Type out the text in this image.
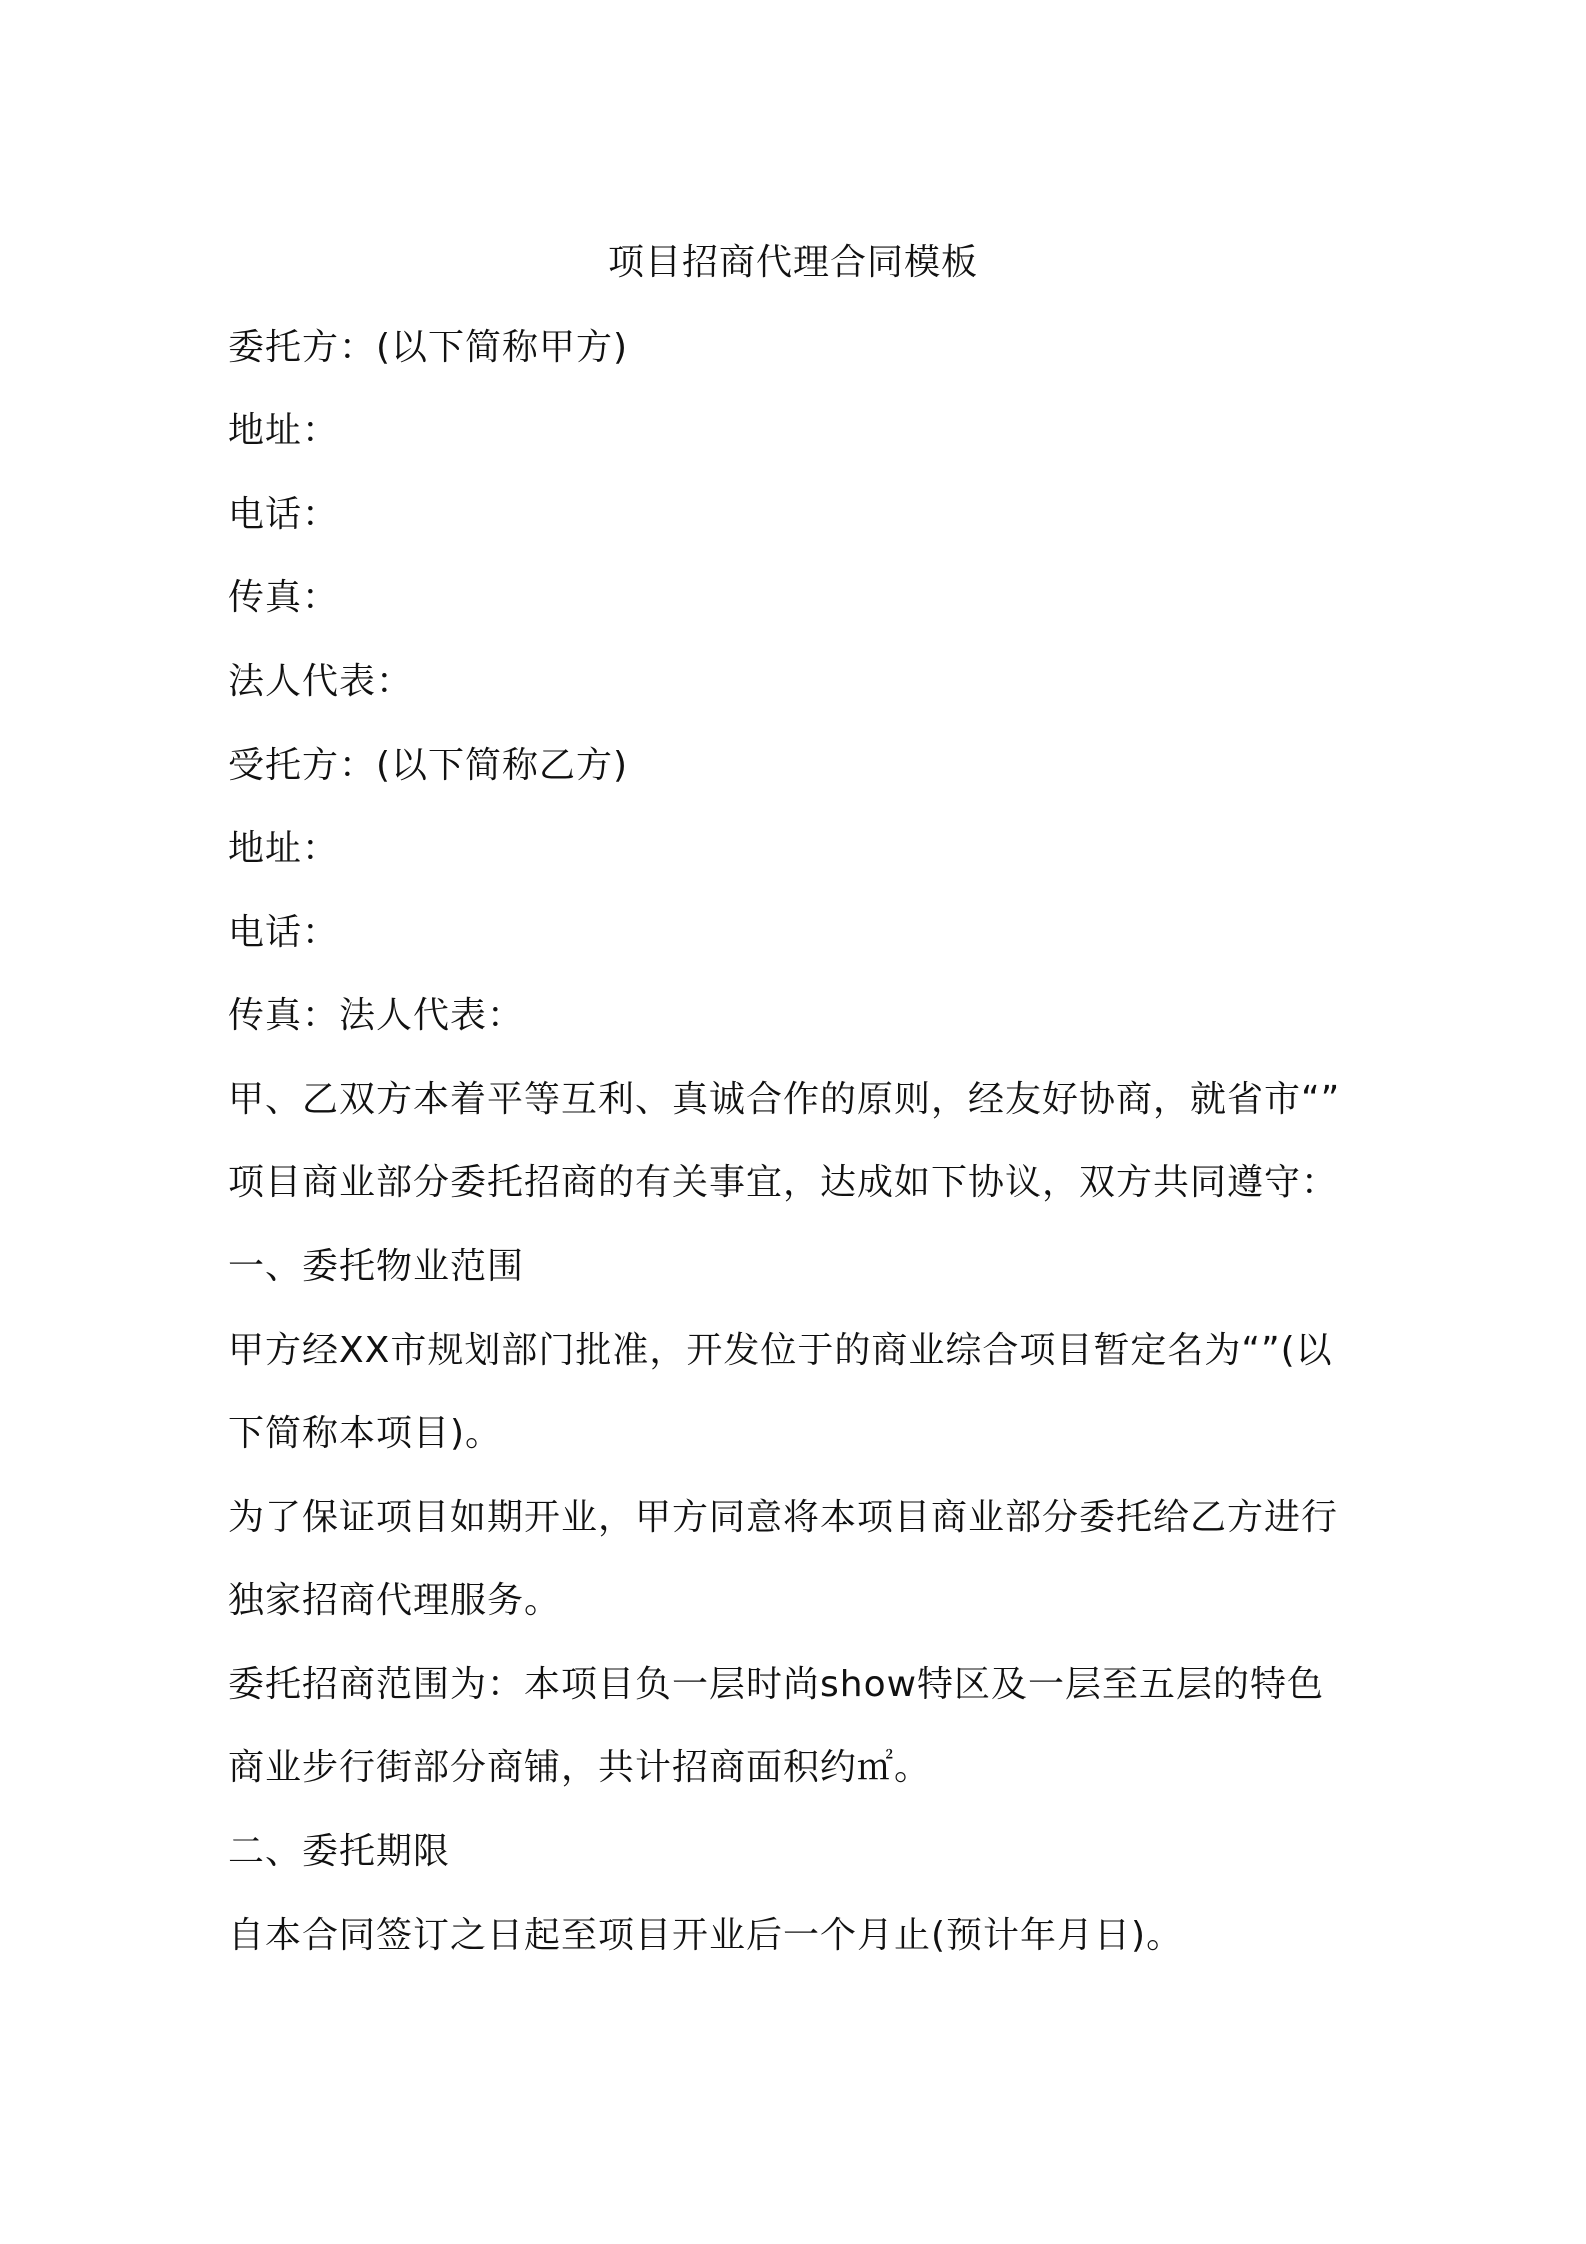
项目招商代理合同模板
委托方：(以下简称甲方)
地址：
电话：
传真：
法人代表：
受托方：(以下简称乙方)
地址：
电话：
传真：法人代表：
甲、乙双方本着平等互利、真诚合作的原则，经友好协商，就省市“”
项目商业部分委托招商的有关事宜，达成如下协议，双方共同遵守：
一、委托物业范围
甲方经XX市规划部门批准，开发位于的商业综合项目暂定名为“”(以
下简称本项目)。
为了保证项目如期开业，甲方同意将本项目商业部分委托给乙方进行
独家招商代理服务。
委托招商范围为：本项目负一层时尚show特区及一层至五层的特色
商业步行街部分商铺，共计招商面积约㎡。
二、委托期限
自本合同签订之日起至项目开业后一个月止(预计年月日)。
